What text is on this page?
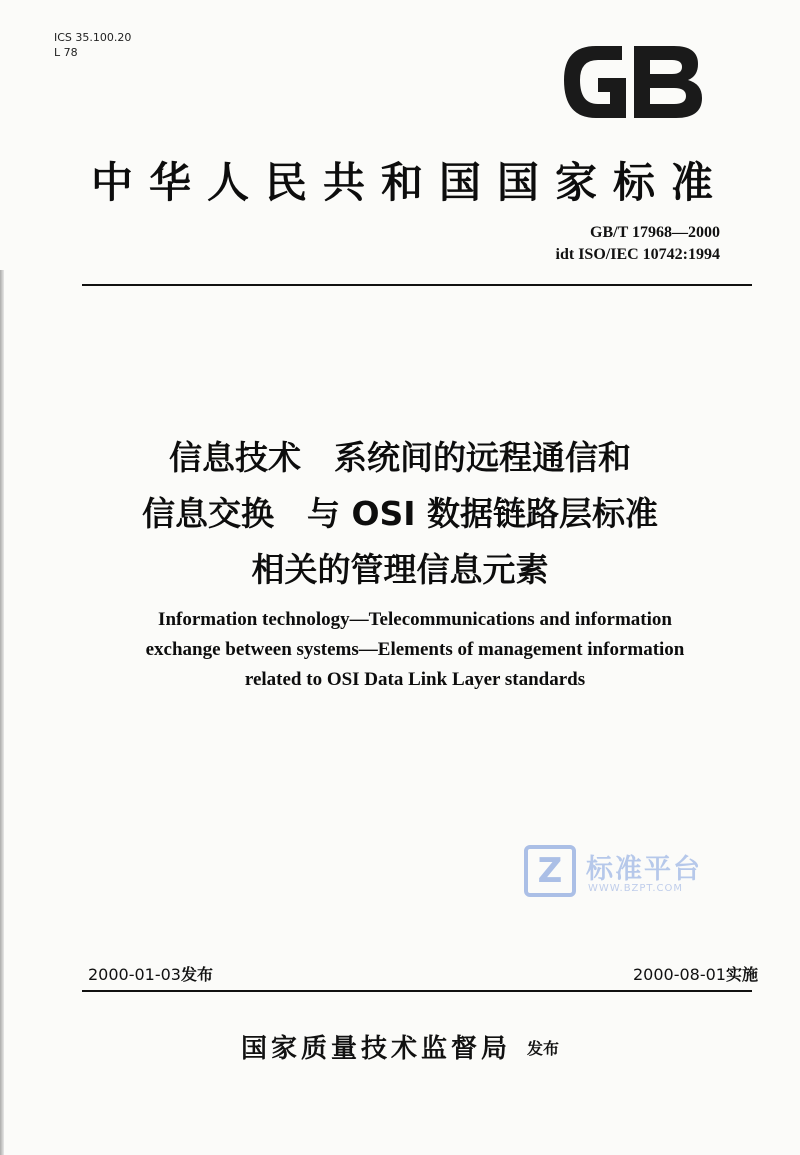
ICS 35.100.20
L 78
GB
中华人民共和国国家标准
GB/T 17968—2000
idt ISO/IEC 10742:1994
信息技术　系统间的远程通信和
信息交换　与 OSI 数据链路层标准
相关的管理信息元素
Information technology—Telecommunications and information
exchange between systems—Elements of management information
related to OSI Data Link Layer standards
Z 标准平台
WWW.BZPT.COM
2000-01-03发布	2000-08-01实施
国家质量技术监督局 发布
